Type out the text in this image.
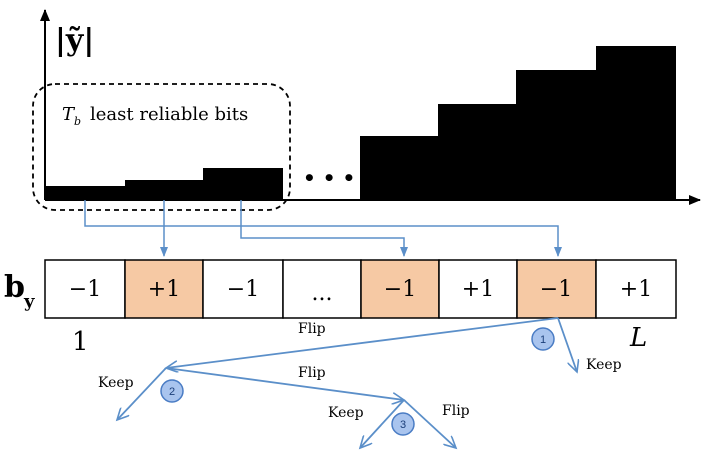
|ỹ|
• • •
T b least reliable bits
b y −1 +1 −1 ... −1 +1 −1 +1
1	L
Flip
Keep
Keep
Flip
Keep	Flip
1
2
3
